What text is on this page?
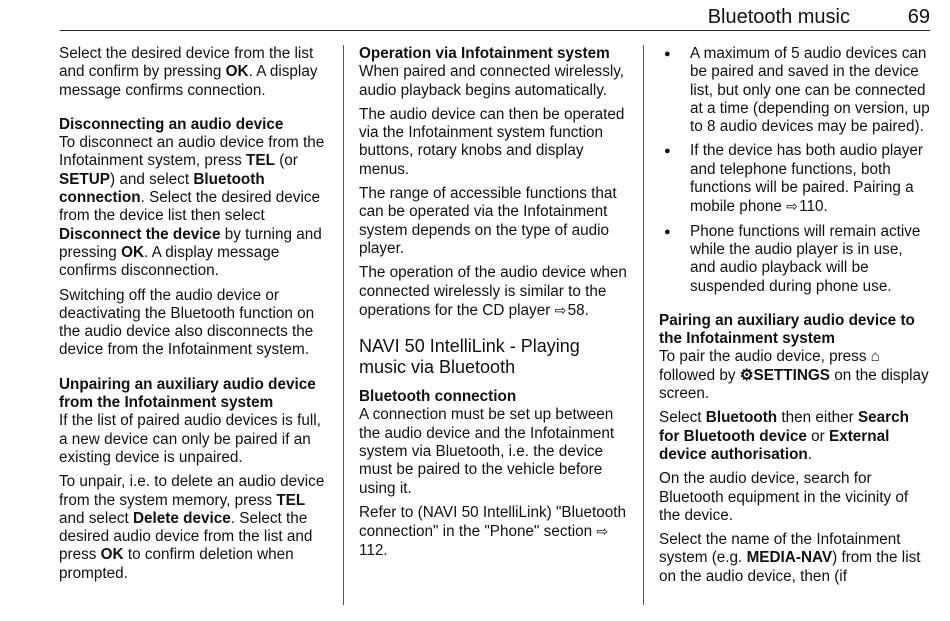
Bluetooth music	69

Select the desired device from the list and confirm by pressing OK. A display message confirms connection.

Disconnecting an audio device

To disconnect an audio device from the Infotainment system, press TEL (or SETUP) and select Bluetooth connection. Select the desired device from the device list then select Disconnect the device by turning and pressing OK. A display message confirms disconnection.

Switching off the audio device or deactivating the Bluetooth function on the audio device also disconnects the device from the Infotainment system.

Unpairing an auxiliary audio device from the Infotainment system

If the list of paired audio devices is full, a new device can only be paired if an existing device is unpaired.

To unpair, i.e. to delete an audio device from the system memory, press TEL and select Delete device. Select the desired audio device from the list and press OK to confirm deletion when prompted.

Operation via Infotainment system

When paired and connected wirelessly, audio playback begins automatically.

The audio device can then be operated via the Infotainment system function buttons, rotary knobs and display menus.

The range of accessible functions that can be operated via the Infotainment system depends on the type of audio player.

The operation of the audio device when connected wirelessly is similar to the operations for the CD player ⇨ 58.

NAVI 50 IntelliLink - Playing music via Bluetooth
Bluetooth connection

A connection must be set up between the audio device and the Infotainment system via Bluetooth, i.e. the device must be paired to the vehicle before using it.

Refer to (NAVI 50 IntelliLink) "Bluetooth connection" in the "Phone" section ⇨ 112.

● A maximum of 5 audio devices can be paired and saved in the device list, but only one can be connected at a time (depending on version, up to 8 audio devices may be paired).
● If the device has both audio player and telephone functions, both functions will be paired. Pairing a mobile phone ⇨ 110.
● Phone functions will remain active while the audio player is in use, and audio playback will be suspended during phone use.
Pairing an auxiliary audio device to the Infotainment system

To pair the audio device, press ⌂ followed by ⚙SETTINGS on the display screen.

Select Bluetooth then either Search for Bluetooth device or External device authorisation.

On the audio device, search for Bluetooth equipment in the vicinity of the device.

Select the name of the Infotainment system (e.g. MEDIA-NAV) from the list on the audio device, then (if
